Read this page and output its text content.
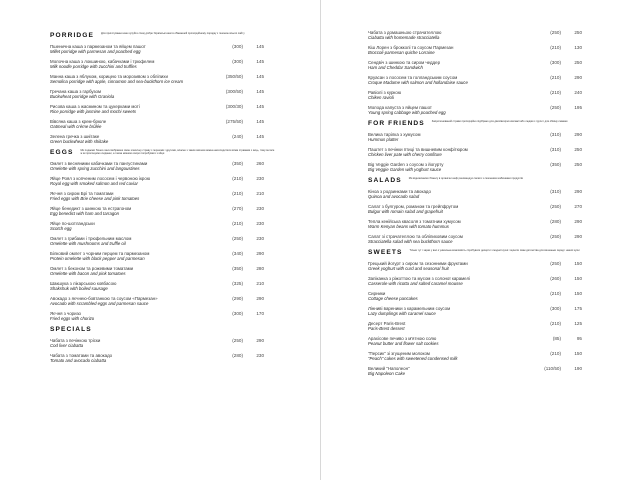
PORRIDGE	Для приготування каш купуйте спеці добре Українські каші в обмеженій пропорційному порядку з пшоною всього сайту
Пшенична каша з пармезаном та яйцем пашот
Millet porridge with parmesan and poached egg
(300)	145
Молочна каша з локшиною, кабачками і трюфелем
Milk noodle porridge with zucchini and truffles
(300)	145
Манна каша з яблуком, корицею та морозивом з обліпихи
Semolina porridge with apple, cinnamon and sea-buckthorn ice cream
(350/50)	145
Гречана каша з гарбузом
Buckwheat porridge with Graniola
(300/50)	145
Рисова каша з жасмином та цукерками моті
Rice porridge with jasmine and mochi sweets
(300/30)	145
Вівсяна каша з крем-брюле
Oatmeal with crème brûlée
(275/50)	145
Зелена гречка з шиітаке
Green buckwheat with shiitake
(240)	145
EGGS	Ми подаємо бізнес-ланчі вибравши свою класичну страву з першими і другими, власне з таким овочем можна насолодитися всіма стравами з яєць, тому ми все ж як пропонуємо сніданки, а також можемо скоро попробувати з яйця
Омлет з весняними кабачками та пангустинами
Omelette with spring zucchini and langoustines
(350)	260
Яйце Роял з копченим лососем і червоною ікрою
Royal egg with smoked salmon and red caviar
(210)	230
Яєчня з сиром Брі та томатами
Fried eggs with Brie cheese and pink tomatoes
(210)	210
Яйце бенедикт з шинкою та естрагоном
Egg benedict with ham and tarragon
(270)	230
Яйце по-шотландськи
Scotch egg
(210)	230
Омлет з грибами і трюфельним маслом
Omelette with mushrooms and truffle oil
(250)	230
Білковий омлет з чорним перцем та пармезаном
Protein omelette with black pepper and parmesan
(340)	290
Омлет з беконом та рожевими томатами
Omelette with bacon and pink tomatoes
(350)	280
Шакшука з лікарською ковбасою
Shakshuk with boiled sausage
(325)	210
Авокадо з яєчнею-бовтанкою та соусом «Пармезан»
Avocado with scrambled eggs and parmesan sauce
(290)	290
Яєчня з чоризо
Fried eggs with chorizo
(300)	170
SPECIALS
Чабата з печінкою тріски
Cod liver ciabatta
(250)	290
Чабата з томатами та авокадо
Tomato and avocado ciabatta
(280)	230
Чабата з домашньою страчателлою
Ciabatta with homemade stracciatella
(250)	250
Кіш Лорен з брокколі та соусом Пармезан
Broccoli-parmesan quiche Lorraine
(210)	130
Сендвіч з шинкою та сиром чеддер
Ham and Cheddar Sandwich
(300)	250
Круасан з лососем та голландським соусом
Croque Madame with salmon and hollandaise sauce
(210)	290
Равіолі з куркою
Chiken ravioli
(210)	240
Молода капуста з яйцем пашот
Young spring cabbage with poached egg
(250)	195
FOR FRIENDS	Запропонований страви пропорційно підібрано для двох/вечірні компанії або людям з групи і для обміну смакам
Велика тарілка з хумусом
Hummus platter
(310)	290
Паштет з печінки птиці та вишневим конфітюром
Chicken liver pate with cherry confiture
(310)	250
Big Veggie Garden з соусом з йогурту
Big Veggie Garden with yoghurt sauce
(350)	250
SALADS	Ми відновлюємо бізнесу в органічні шеф рекомендує салати з сезонними кабачками продуктів
Кіноа з родзинками та авокадо
Quinoa and avocado salad
(310)	290
Салат з булгуром, романом та грейпфрутом
Bulgur with romain salad and grapefruit
(250)	270
Тепла кенійська квасоля з томатним хумусом
Warm Kenyan beans with tomato hummus
(280)	290
Салат зі страчателлою та обліпиховим соусом
Stracciatella salad with sea buckthorn sauce
(250)	290
SWEETS	Тільки тут і зараз у вас є унікальна можливість спробувати десерти з модної кухні і оцінити смак дитинства для вишеньки серед і нашої кухні
Грецький йогурт з сиром та сезонними фруктами
Greek yoghurt with curd and seasonal fruit
(250)	150
Запіканка з ріжоттою та мусом з солоної карамелі
Casserole with ricotta and salted caramel mousse
(260)	150
Сирники
Cottage cheese pancakes
(210)	150
Лінниві вареники з карамельним соусом
Lazy dumplings with caramel sauce
(300)	175
Десерт Paris-Brest
Paris-Brest dessert
(210)	125
Арахісове печиво з м'ятною солю
Peanut butter and flower salt cookies
(85)	95
"Персик" зі згущеним молоком
"Peach" cakes with sweetened condensed milk
(210)	150
Великий "Наполеон"
Big Napoleon Cake
(110/50)	190
